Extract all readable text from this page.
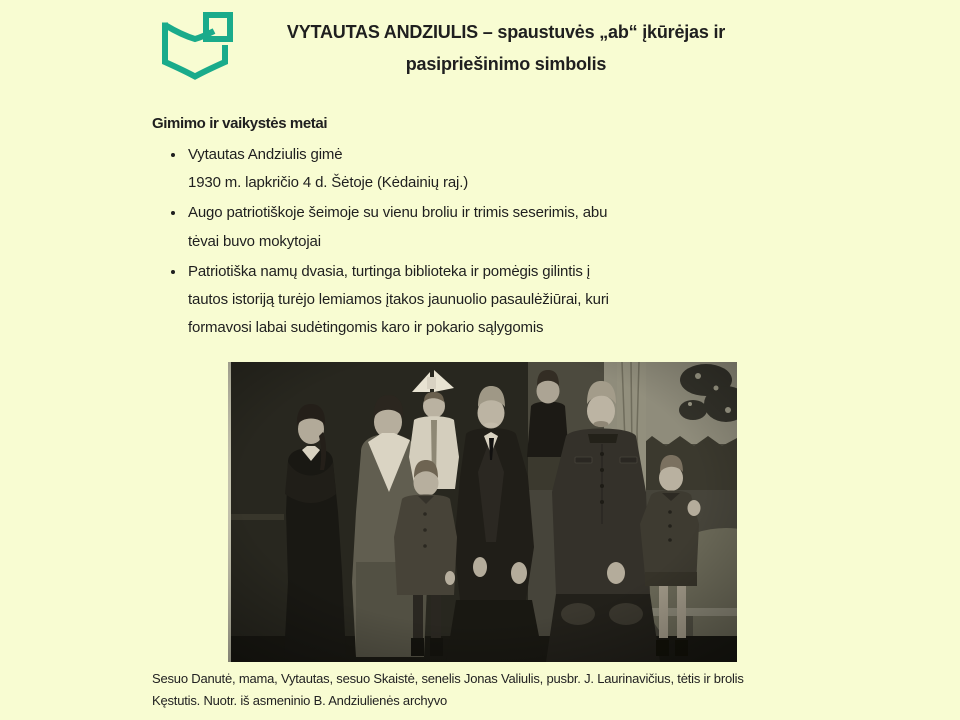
VYTAUTAS ANDZIULIS – spaustuvės „ab“ įkūrėjas ir
pasipriešinimo simbolis
Gimimo ir vaikystės metai
• Vytautas Andziulis gimė
1930 m. lapkričio 4 d. Šėtoje (Kėdainių raj.)
• Augo patriotiškoje šeimoje su vienu broliu ir trimis seserimis, abu
tėvai buvo mokytojai
• Patriotiška namų dvasia, turtinga biblioteka ir pomėgis gilintis į
tautos istoriją turėjo lemiamos įtakos jaunuolio pasaulėžiūrai, kuri
formavosi labai sudėtingomis karo ir pokario sąlygomis

Sesuo Danutė, mama, Vytautas, sesuo Skaistė, senelis Jonas Valiulis, pusbr. J. Laurinavičius, tėtis ir brolis
Kęstutis. Nuotr. iš asmeninio B. Andziulienės archyvo
